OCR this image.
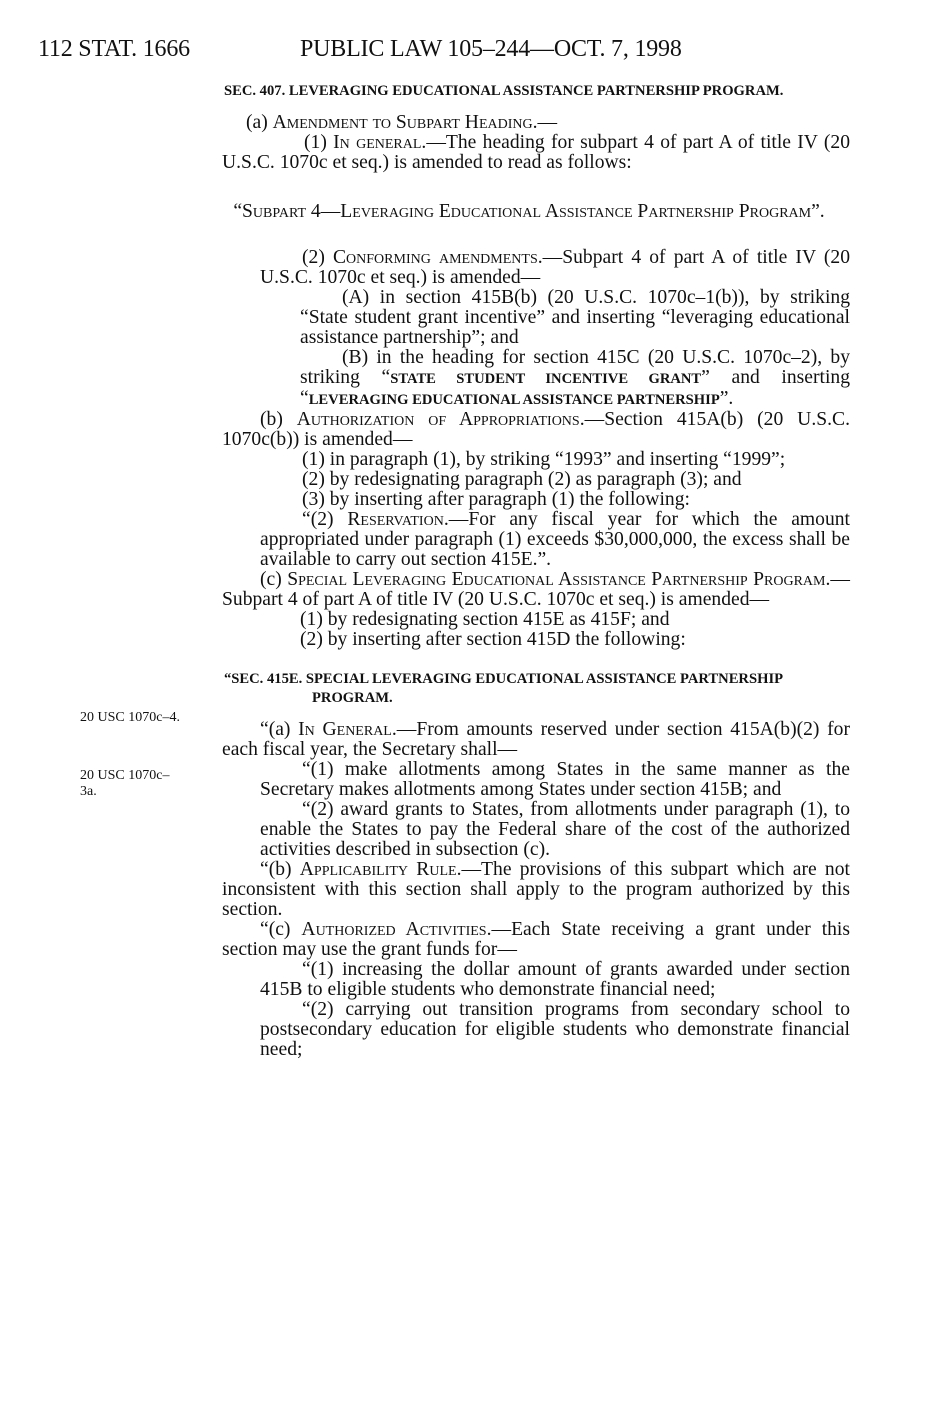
112 STAT. 1666	PUBLIC LAW 105–244—OCT. 7, 1998
20 USC 1070c–4.
20 USC 1070c–
3a.

SEC. 407. LEVERAGING EDUCATIONAL ASSISTANCE PARTNERSHIP PROGRAM.

(a) Amendment to Subpart Heading.—

(1) In general.—The heading for subpart 4 of part A of title IV (20 U.S.C. 1070c et seq.) is amended to read as follows:

“Subpart 4—Leveraging Educational Assistance Partnership Program”.

(2) Conforming amendments.—Subpart 4 of part A of title IV (20 U.S.C. 1070c et seq.) is amended—

(A) in section 415B(b) (20 U.S.C. 1070c–1(b)), by striking “State student grant incentive” and inserting “leveraging educational assistance partnership”; and

(B) in the heading for section 415C (20 U.S.C. 1070c–2), by striking “STATE STUDENT INCENTIVE GRANT” and inserting “LEVERAGING EDUCATIONAL ASSISTANCE PARTNERSHIP”.

(b) Authorization of Appropriations.—Section 415A(b) (20 U.S.C. 1070c(b)) is amended—

(1) in paragraph (1), by striking “1993” and inserting “1999”;

(2) by redesignating paragraph (2) as paragraph (3); and

(3) by inserting after paragraph (1) the following:

“(2) Reservation.—For any fiscal year for which the amount appropriated under paragraph (1) exceeds $30,000,000, the excess shall be available to carry out section 415E.”.

(c) Special Leveraging Educational Assistance Partnership Program.—Subpart 4 of part A of title IV (20 U.S.C. 1070c et seq.) is amended—

(1) by redesignating section 415E as 415F; and

(2) by inserting after section 415D the following:

“SEC. 415E. SPECIAL LEVERAGING EDUCATIONAL ASSISTANCE PARTNERSHIP PROGRAM.

“(a) In General.—From amounts reserved under section 415A(b)(2) for each fiscal year, the Secretary shall—

“(1) make allotments among States in the same manner as the Secretary makes allotments among States under section 415B; and

“(2) award grants to States, from allotments under paragraph (1), to enable the States to pay the Federal share of the cost of the authorized activities described in subsection (c).

“(b) Applicability Rule.—The provisions of this subpart which are not inconsistent with this section shall apply to the program authorized by this section.

“(c) Authorized Activities.—Each State receiving a grant under this section may use the grant funds for—

“(1) increasing the dollar amount of grants awarded under section 415B to eligible students who demonstrate financial need;

“(2) carrying out transition programs from secondary school to postsecondary education for eligible students who demonstrate financial need;
